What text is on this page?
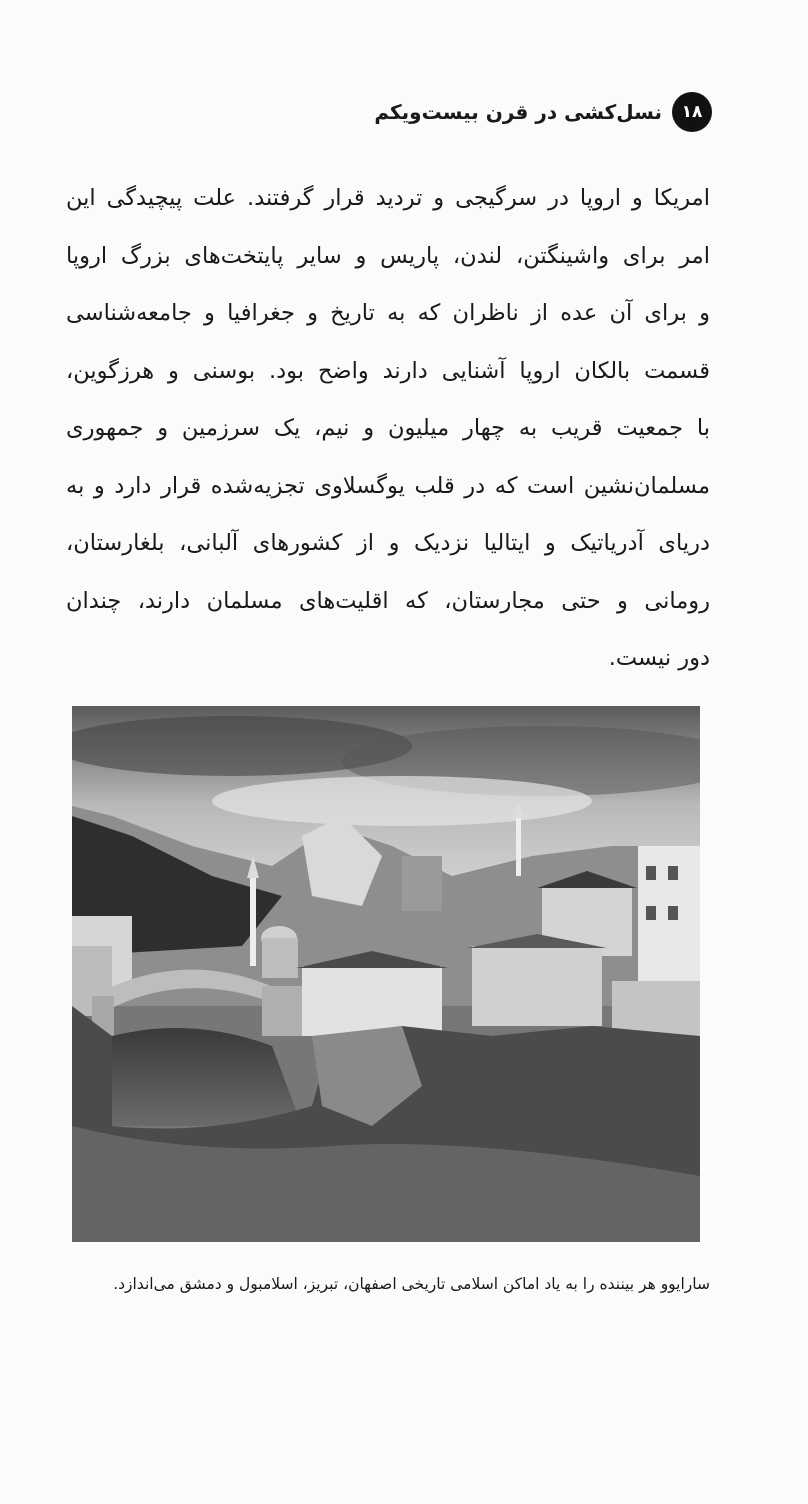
۱۸
نسل‌کشی در قرن بیست‌ویکم

امریکا و اروپا در سرگیجی و تردید قرار گرفتند. علت پیچیدگی این
امر برای واشینگتن، لندن، پاریس و سایر پایتخت‌های بزرگ اروپا
و برای آن عده از ناظران که به تاریخ و جغرافیا و جامعه‌شناسی
قسمت بالکان اروپا آشنایی دارند واضح بود. بوسنی و هرزگوین،
با جمعیت قریب به چهار میلیون و نیم، یک سرزمین و جمهوری
مسلمان‌نشین است که در قلب یوگسلاوی تجزیه‌شده قرار دارد و به
دریای آدریاتیک و ایتالیا نزدیک و از کشورهای آلبانی، بلغارستان،
رومانی و حتی مجارستان، که اقلیت‌های مسلمان دارند، چندان
دور نیست.

سارایوو هر بیننده را به یاد اماکن اسلامی تاریخی اصفهان، تبریز، اسلامبول و دمشق می‌اندازد.
